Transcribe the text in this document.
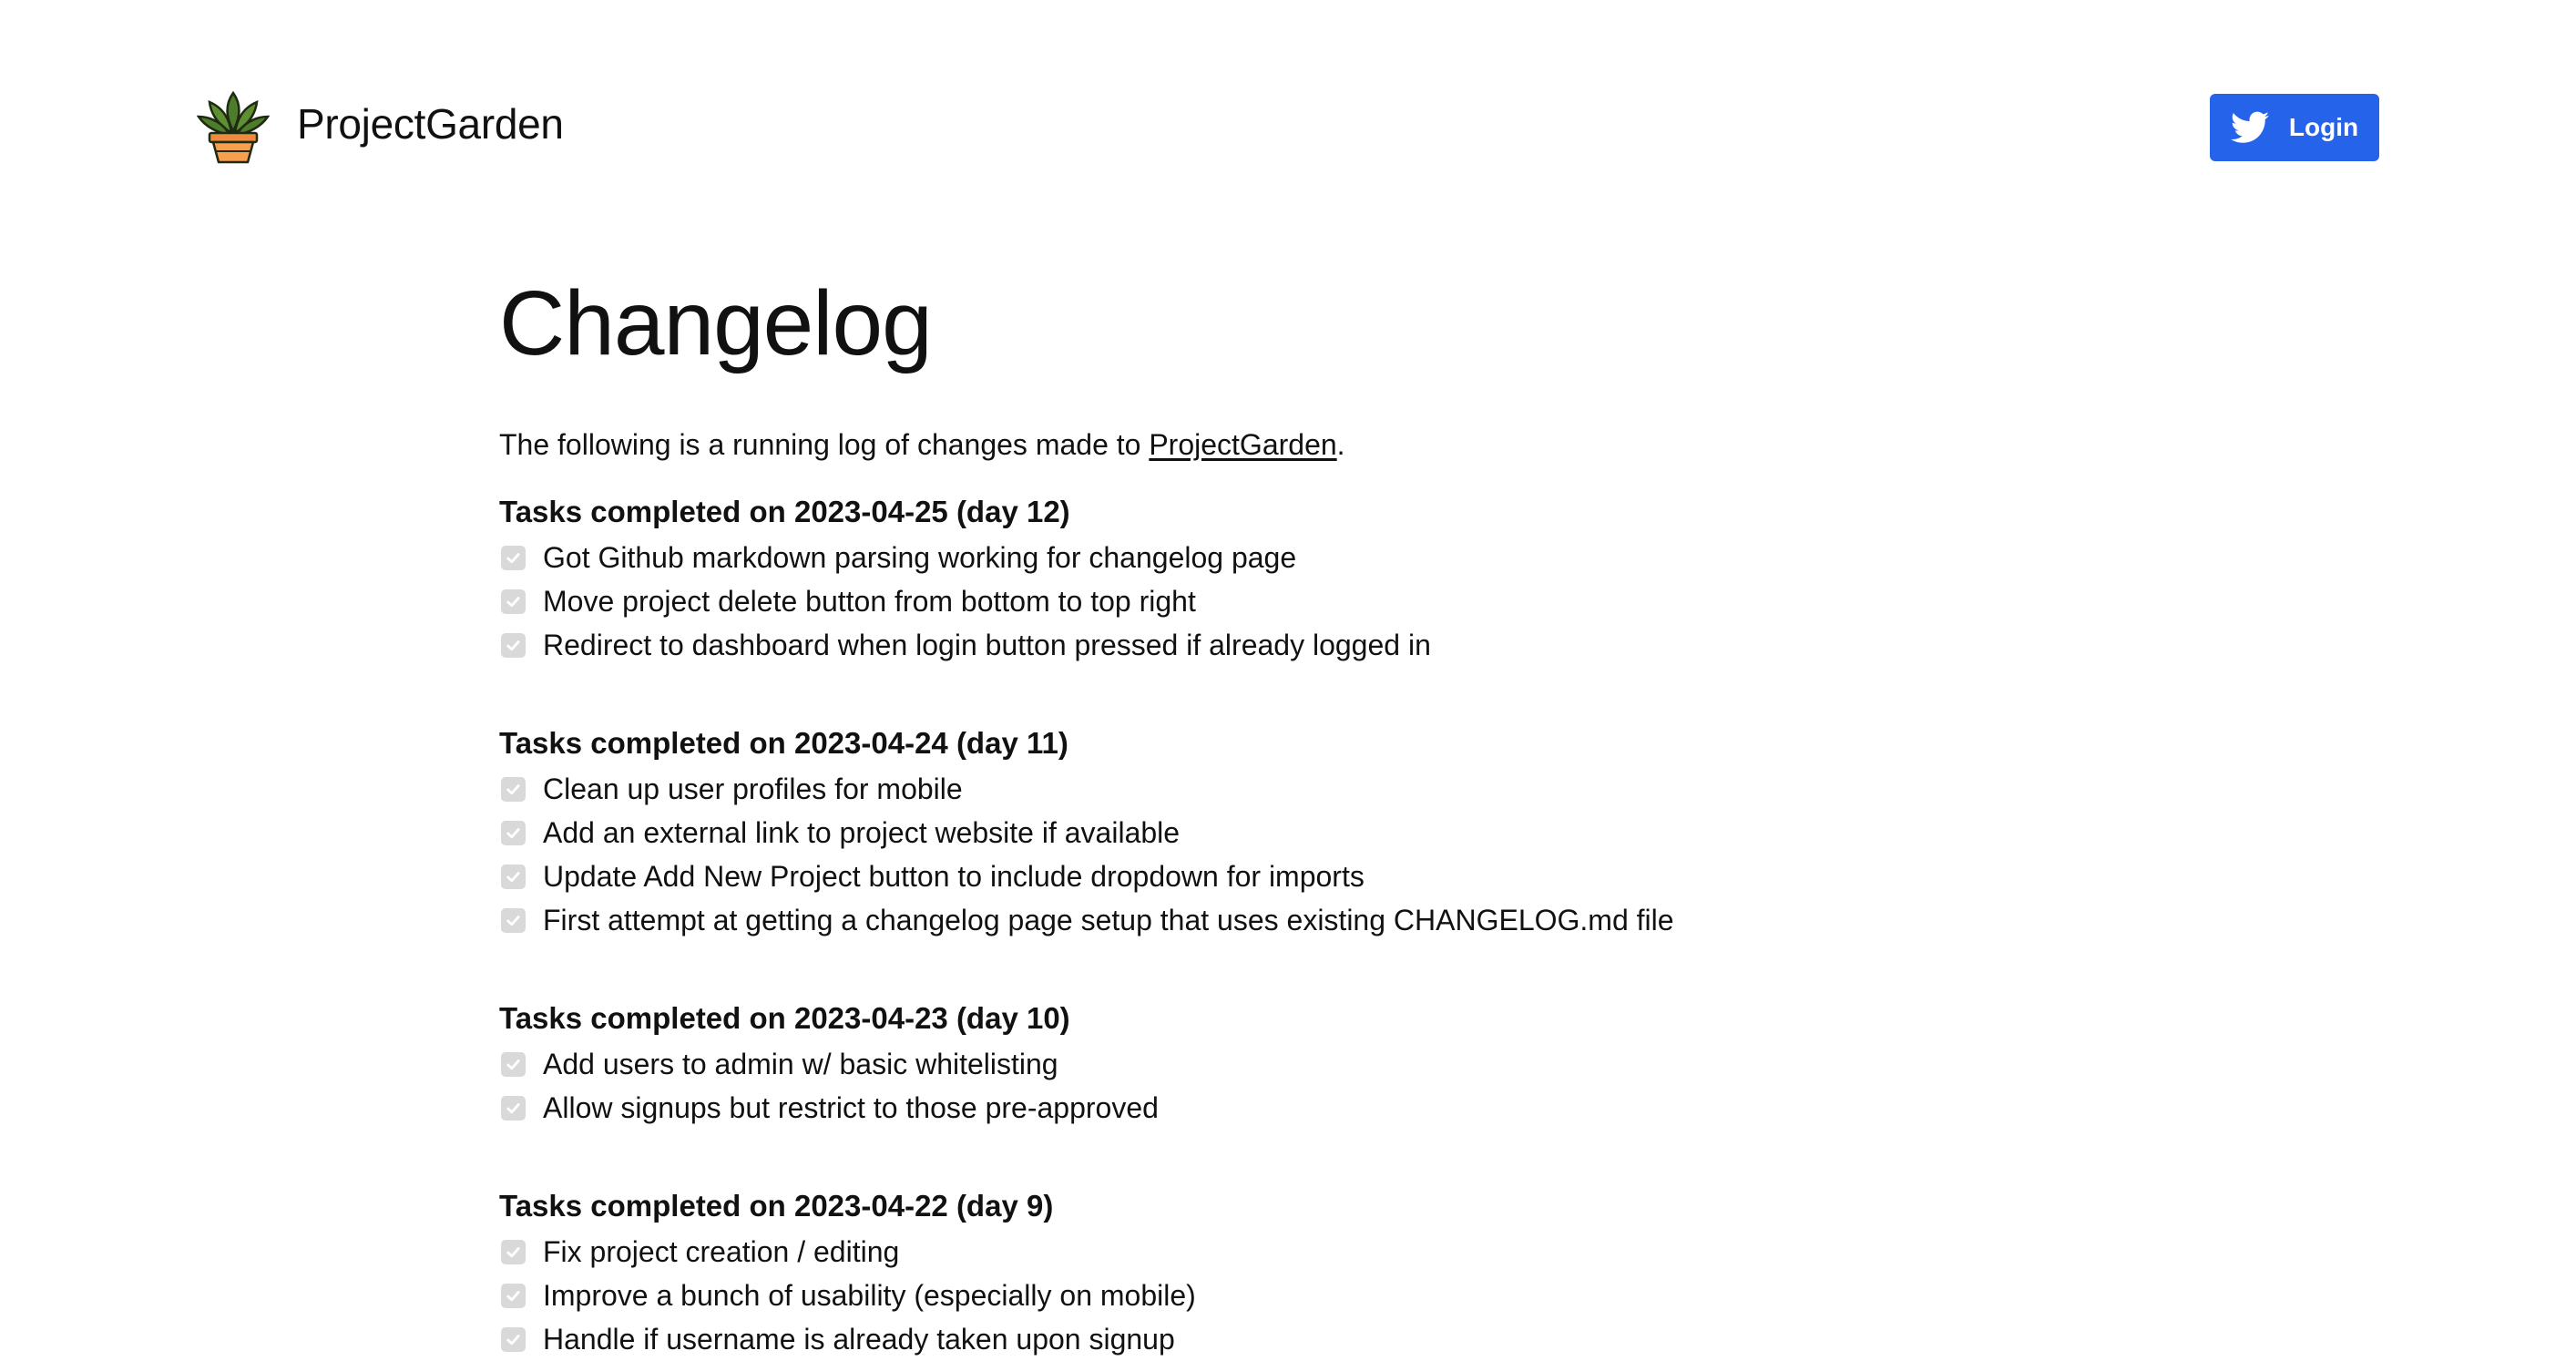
ProjectGarden	Login
Changelog

The following is a running log of changes made to ProjectGarden.

Tasks completed on 2023-04-25 (day 12)
Got Github markdown parsing working for changelog page
Move project delete button from bottom to top right
Redirect to dashboard when login button pressed if already logged in
Tasks completed on 2023-04-24 (day 11)
Clean up user profiles for mobile
Add an external link to project website if available
Update Add New Project button to include dropdown for imports
First attempt at getting a changelog page setup that uses existing CHANGELOG.md file
Tasks completed on 2023-04-23 (day 10)
Add users to admin w/ basic whitelisting
Allow signups but restrict to those pre-approved
Tasks completed on 2023-04-22 (day 9)
Fix project creation / editing
Improve a bunch of usability (especially on mobile)
Handle if username is already taken upon signup
